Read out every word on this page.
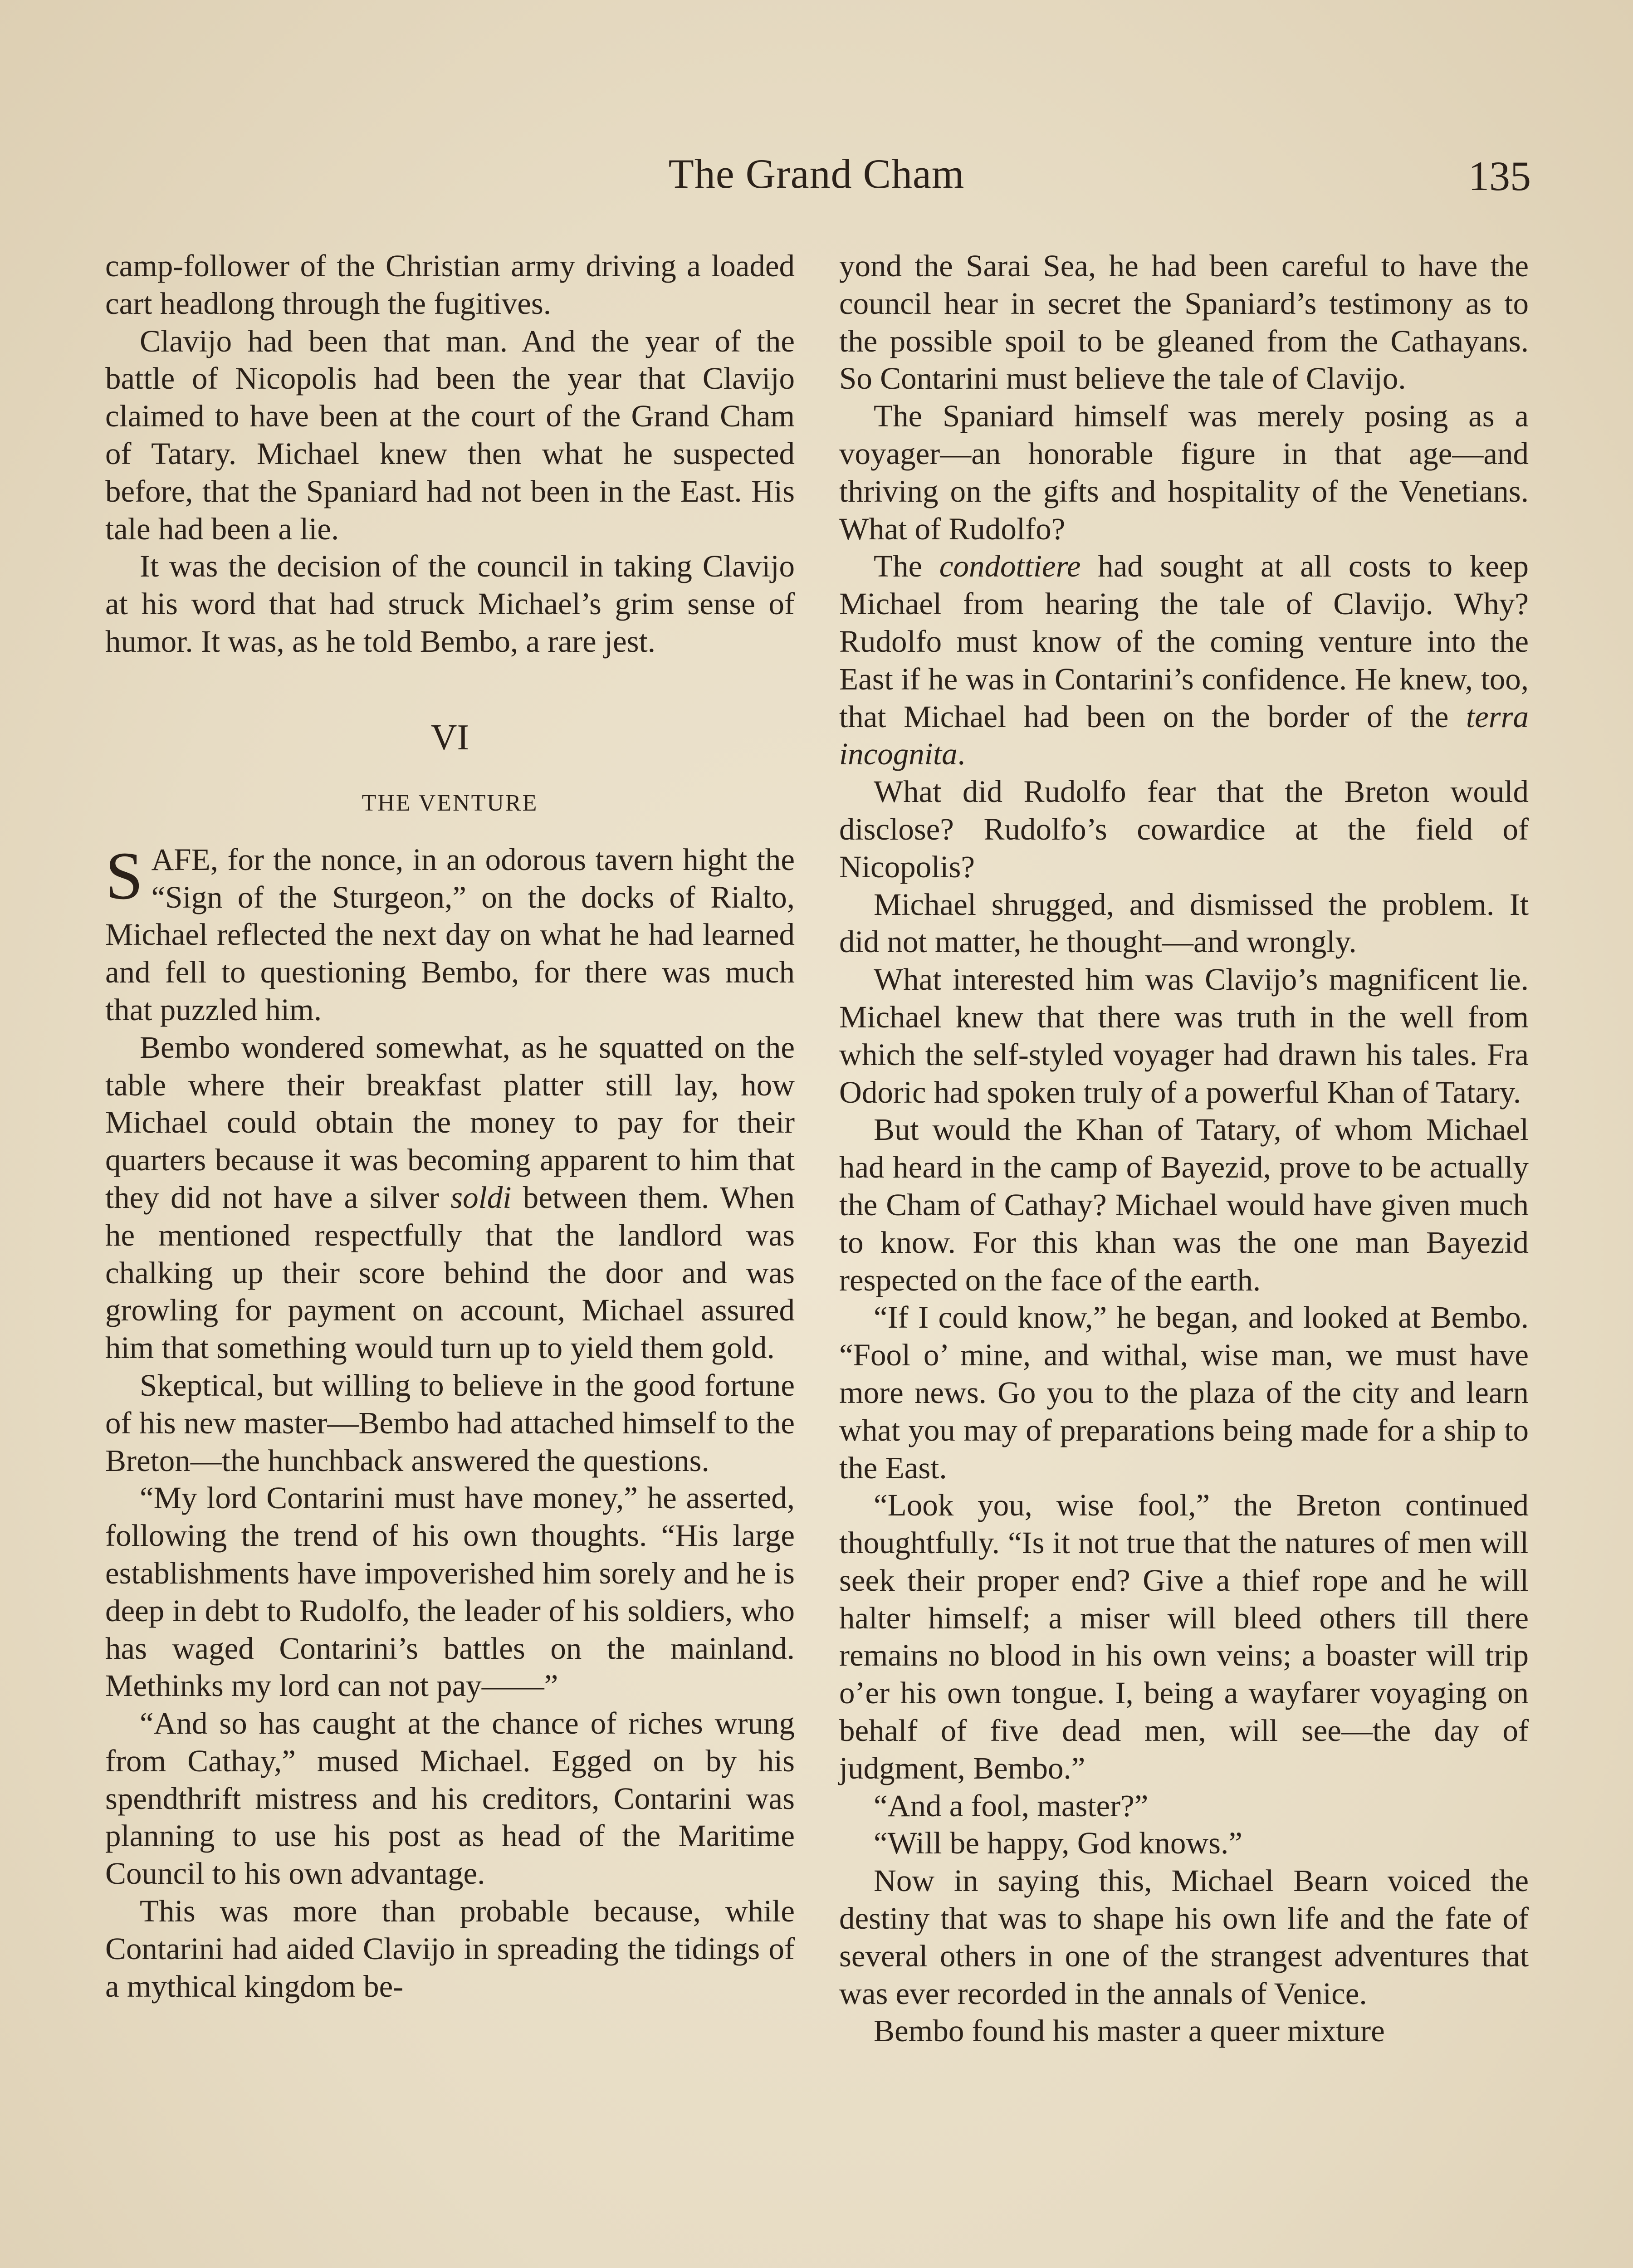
The Grand Cham	135

camp-follower of the Christian army driving a loaded cart headlong through the fugitives.

Clavijo had been that man. And the year of the battle of Nicopolis had been the year that Clavijo claimed to have been at the court of the Grand Cham of Tatary. Michael knew then what he suspected before, that the Spaniard had not been in the East. His tale had been a lie.

It was the decision of the council in taking Clavijo at his word that had struck Michael’s grim sense of humor. It was, as he told Bembo, a rare jest.

VI
THE VENTURE

SAFE, for the nonce, in an odorous tavern hight the “Sign of the Sturgeon,” on the docks of Rialto, Michael reflected the next day on what he had learned and fell to questioning Bembo, for there was much that puzzled him.

Bembo wondered somewhat, as he squatted on the table where their breakfast platter still lay, how Michael could obtain the money to pay for their quarters because it was becoming apparent to him that they did not have a silver soldi between them. When he mentioned respectfully that the landlord was chalking up their score behind the door and was growling for payment on account, Michael assured him that something would turn up to yield them gold.

Skeptical, but willing to believe in the good fortune of his new master—Bembo had attached himself to the Breton—the hunchback answered the questions.

“My lord Contarini must have money,” he asserted, following the trend of his own thoughts. “His large establishments have impoverished him sorely and he is deep in debt to Rudolfo, the leader of his soldiers, who has waged Contarini’s battles on the mainland. Methinks my lord can not pay——”

“And so has caught at the chance of riches wrung from Cathay,” mused Michael. Egged on by his spendthrift mistress and his creditors, Contarini was planning to use his post as head of the Maritime Council to his own advantage.

This was more than probable because, while Contarini had aided Clavijo in spreading the tidings of a mythical kingdom be-

yond the Sarai Sea, he had been careful to have the council hear in secret the Spaniard’s testimony as to the possible spoil to be gleaned from the Cathayans. So Contarini must believe the tale of Clavijo.

The Spaniard himself was merely posing as a voyager—an honorable figure in that age—and thriving on the gifts and hospitality of the Venetians. What of Rudolfo?

The condottiere had sought at all costs to keep Michael from hearing the tale of Clavijo. Why? Rudolfo must know of the coming venture into the East if he was in Contarini’s confidence. He knew, too, that Michael had been on the border of the terra incognita.

What did Rudolfo fear that the Breton would disclose? Rudolfo’s cowardice at the field of Nicopolis?

Michael shrugged, and dismissed the problem. It did not matter, he thought—and wrongly.

What interested him was Clavijo’s magnificent lie. Michael knew that there was truth in the well from which the self-styled voyager had drawn his tales. Fra Odoric had spoken truly of a powerful Khan of Tatary.

But would the Khan of Tatary, of whom Michael had heard in the camp of Bayezid, prove to be actually the Cham of Cathay? Michael would have given much to know. For this khan was the one man Bayezid respected on the face of the earth.

“If I could know,” he began, and looked at Bembo. “Fool o’ mine, and withal, wise man, we must have more news. Go you to the plaza of the city and learn what you may of preparations being made for a ship to the East.

“Look you, wise fool,” the Breton continued thoughtfully. “Is it not true that the natures of men will seek their proper end? Give a thief rope and he will halter himself; a miser will bleed others till there remains no blood in his own veins; a boaster will trip o’er his own tongue. I, being a wayfarer voyaging on behalf of five dead men, will see—the day of judgment, Bembo.”

“And a fool, master?”

“Will be happy, God knows.”

Now in saying this, Michael Bearn voiced the destiny that was to shape his own life and the fate of several others in one of the strangest adventures that was ever recorded in the annals of Venice.

Bembo found his master a queer mixture
